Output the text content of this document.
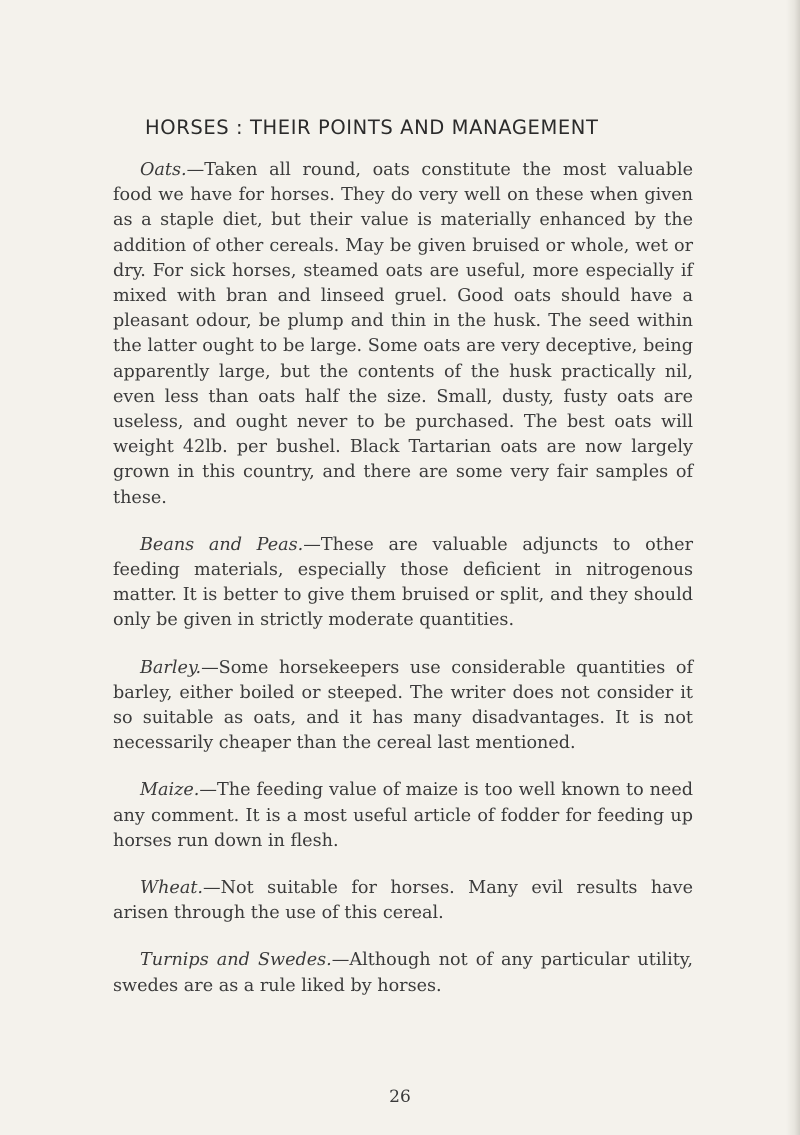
HORSES : THEIR POINTS AND MANAGEMENT

Oats.—Taken all round, oats constitute the most valuable food we have for horses. They do very well on these when given as a staple diet, but their value is materially enhanced by the addition of other cereals. May be given bruised or whole, wet or dry. For sick horses, steamed oats are useful, more especially if mixed with bran and linseed gruel. Good oats should have a pleasant odour, be plump and thin in the husk. The seed within the latter ought to be large. Some oats are very deceptive, being apparently large, but the contents of the husk practically nil, even less than oats half the size. Small, dusty, fusty oats are useless, and ought never to be purchased. The best oats will weight 42lb. per bushel. Black Tartarian oats are now largely grown in this country, and there are some very fair samples of these.

Beans and Peas.—These are valuable adjuncts to other feeding materials, especially those deficient in nitrogenous matter. It is better to give them bruised or split, and they should only be given in strictly moderate quantities.

Barley.—Some horsekeepers use considerable quantities of barley, either boiled or steeped. The writer does not consider it so suitable as oats, and it has many disadvantages. It is not necessarily cheaper than the cereal last mentioned.

Maize.—The feeding value of maize is too well known to need any comment. It is a most useful article of fodder for feeding up horses run down in flesh.

Wheat.—Not suitable for horses. Many evil results have arisen through the use of this cereal.

Turnips and Swedes.—Although not of any particular utility, swedes are as a rule liked by horses.

26
